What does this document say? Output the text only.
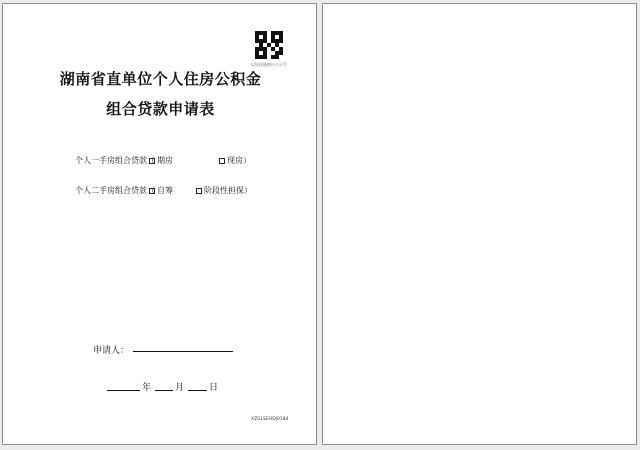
以居住地相应公示号
湖南省直单位个人住房公积金
组合贷款申请表
个人一手房组合贷款（ 期房	现房）
个人二手房组合贷款（ 自筹	阶段性担保）
申请人：
年	月	日
XZGLSEHDJ0184
